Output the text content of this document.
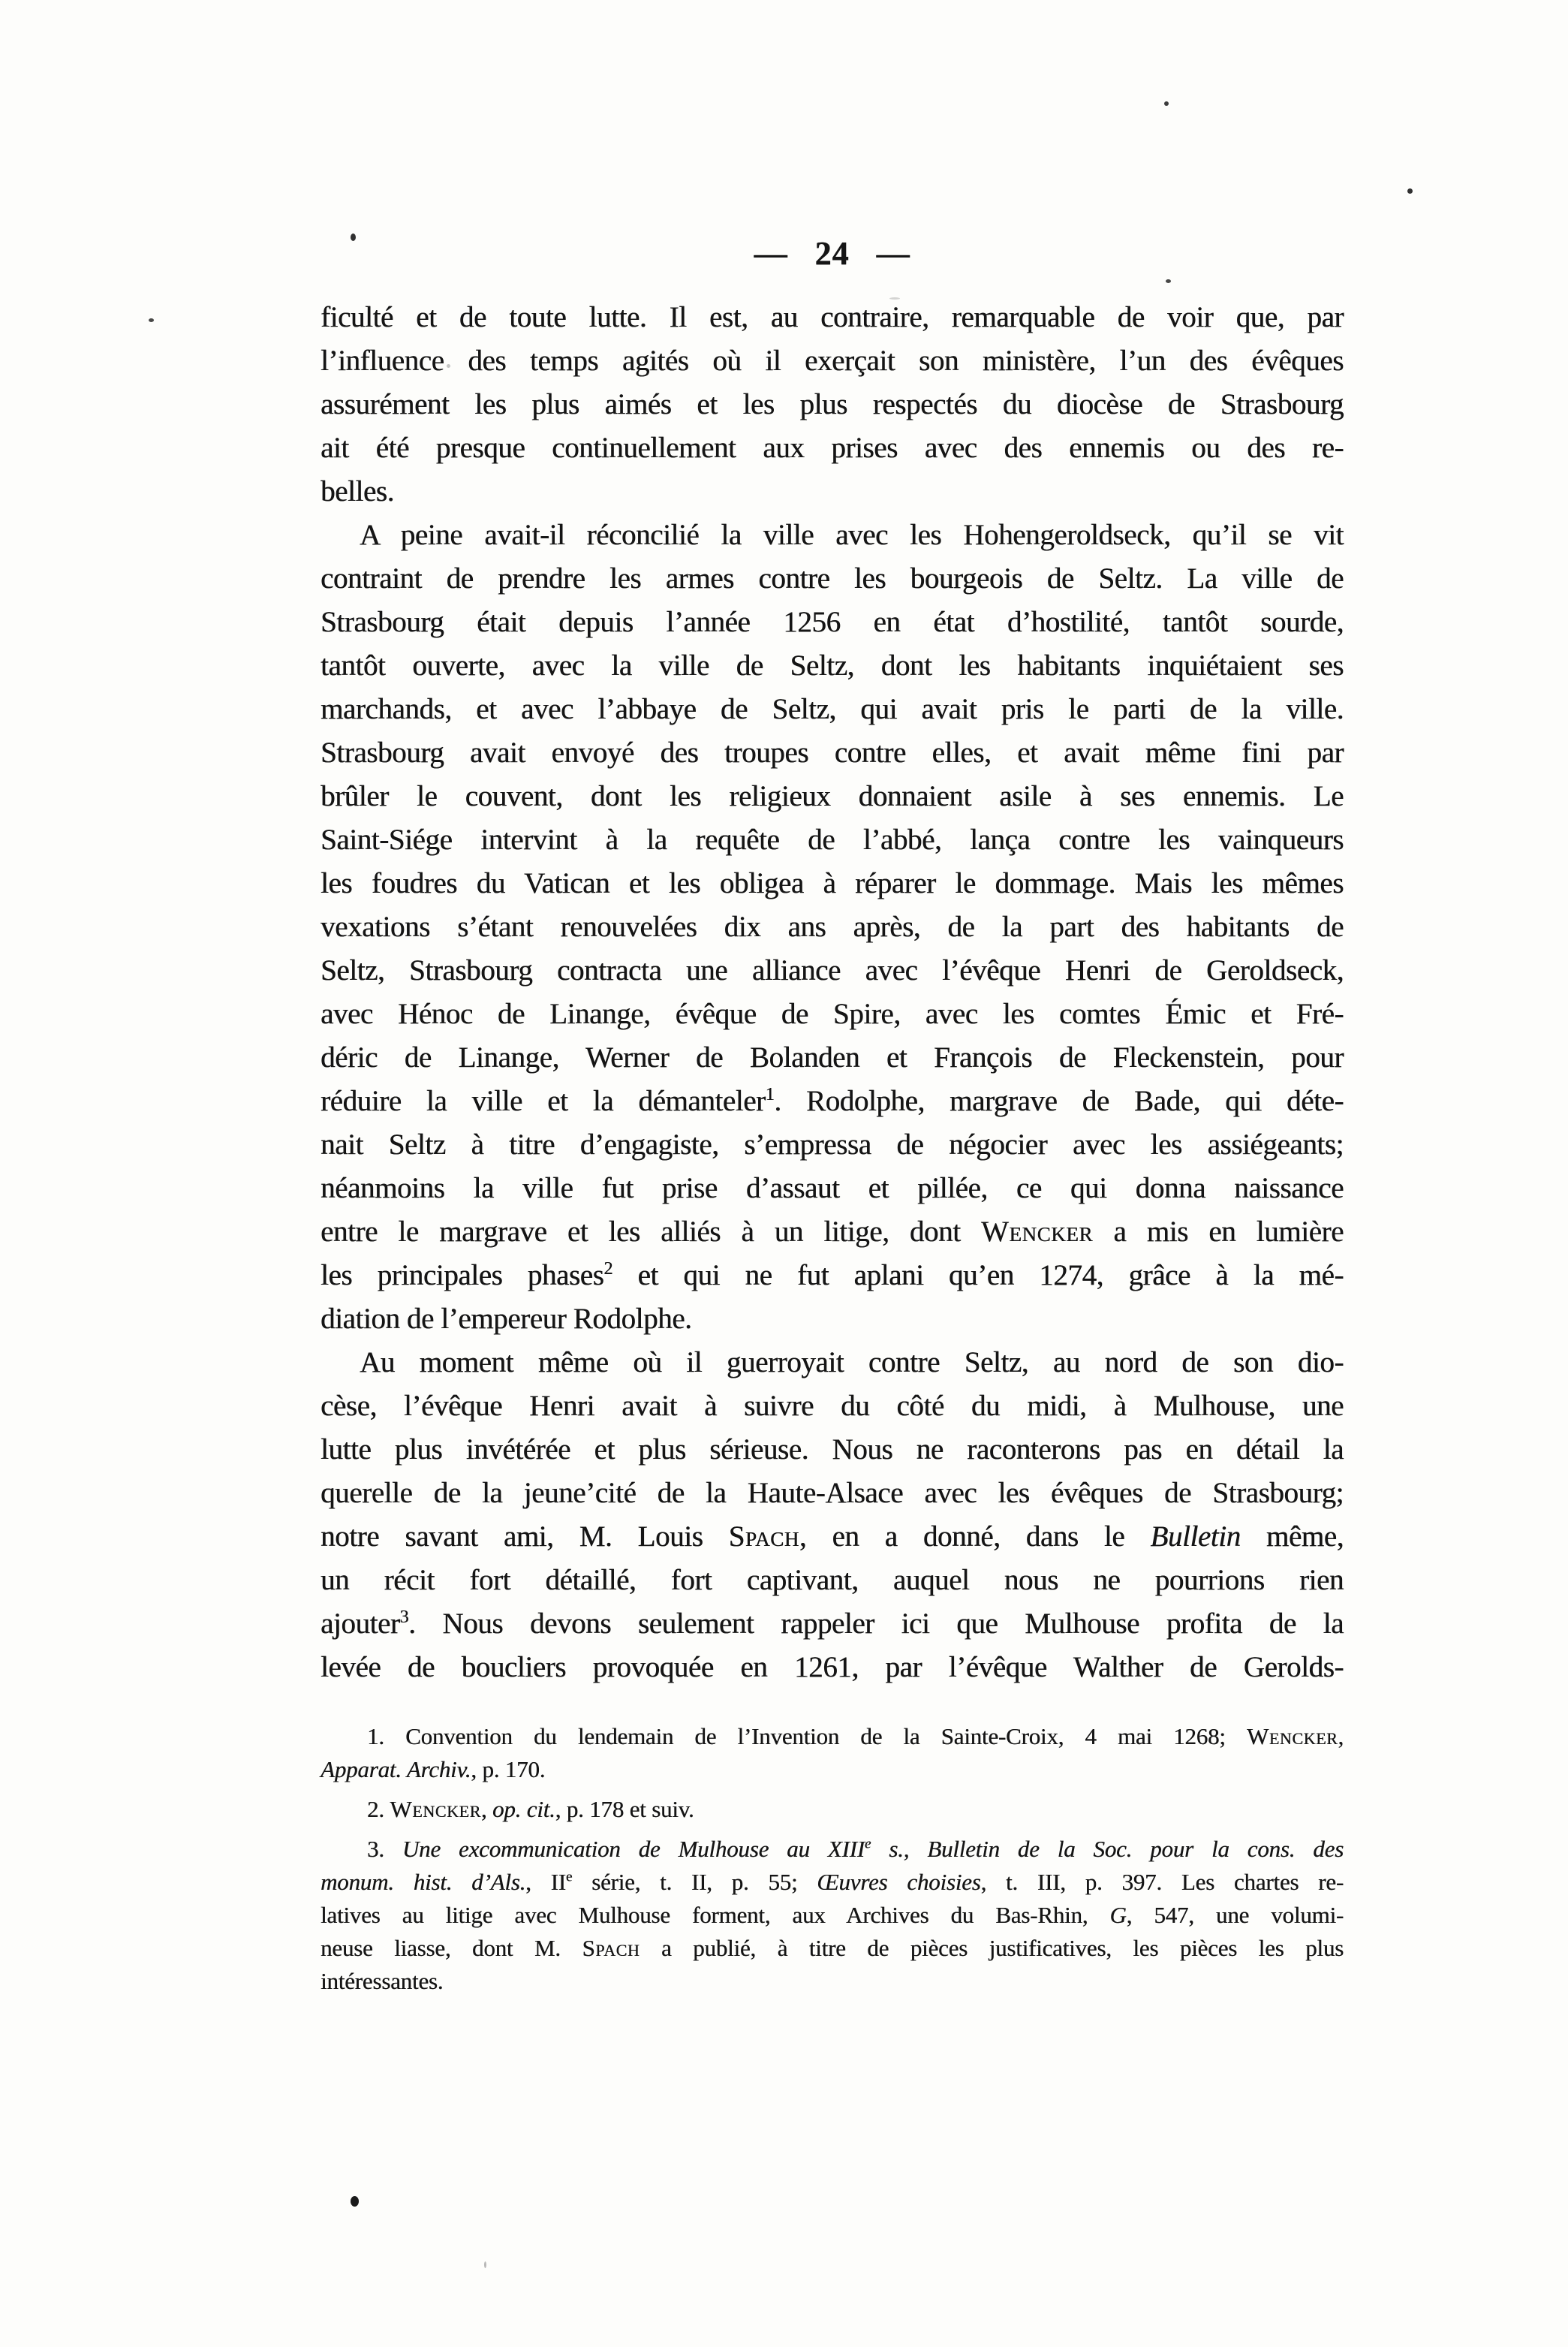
— 24 —
ficulté et de toute lutte. Il est, au contraire, remarquable de voir que, par
l’influence des temps agités où il exerçait son ministère, l’un des évêques
assurément les plus aimés et les plus respectés du diocèse de Strasbourg
ait été presque continuellement aux prises avec des ennemis ou des re-
belles.
A peine avait-il réconcilié la ville avec les Hohengeroldseck, qu’il se vit
contraint de prendre les armes contre les bourgeois de Seltz. La ville de
Strasbourg était depuis l’année 1256 en état d’hostilité, tantôt sourde,
tantôt ouverte, avec la ville de Seltz, dont les habitants inquiétaient ses
marchands, et avec l’abbaye de Seltz, qui avait pris le parti de la ville.
Strasbourg avait envoyé des troupes contre elles, et avait même fini par
brûler le couvent, dont les religieux donnaient asile à ses ennemis. Le
Saint-Siége intervint à la requête de l’abbé, lança contre les vainqueurs
les foudres du Vatican et les obligea à réparer le dommage. Mais les mêmes
vexations s’étant renouvelées dix ans après, de la part des habitants de
Seltz, Strasbourg contracta une alliance avec l’évêque Henri de Geroldseck,
avec Hénoc de Linange, évêque de Spire, avec les comtes Émic et Fré-
déric de Linange, Werner de Bolanden et François de Fleckenstein, pour
réduire la ville et la démanteler$^1$. Rodolphe, margrave de Bade, qui déte-
nait Seltz à titre d’engagiste, s’empressa de négocier avec les assiégeants;
néanmoins la ville fut prise d’assaut et pillée, ce qui donna naissance
entre le margrave et les alliés à un litige, dont Wencker a mis en lumière
les principales phases$^2$ et qui ne fut aplani qu’en 1274, grâce à la mé-
diation de l’empereur Rodolphe.
Au moment même où il guerroyait contre Seltz, au nord de son dio-
cèse, l’évêque Henri avait à suivre du côté du midi, à Mulhouse, une
lutte plus invétérée et plus sérieuse. Nous ne raconterons pas en détail la
querelle de la jeune’cité de la Haute-Alsace avec les évêques de Strasbourg;
notre savant ami, M. Louis Spach, en a donné, dans le Bulletin même,
un récit fort détaillé, fort captivant, auquel nous ne pourrions rien
ajouter$^3$. Nous devons seulement rappeler ici que Mulhouse profita de la
levée de boucliers provoquée en 1261, par l’évêque Walther de Gerolds-
1. Convention du lendemain de l’Invention de la Sainte-Croix, 4 mai 1268; Wencker,
Apparat. Archiv., p. 170.
2. Wencker, op. cit., p. 178 et suiv.
3. Une excommunication de Mulhouse au XIIIe s., Bulletin de la Soc. pour la cons. des
monum. hist. d’Als., IIe série, t. II, p. 55; Œuvres choisies, t. III, p. 397. Les chartes re-
latives au litige avec Mulhouse forment, aux Archives du Bas-Rhin, G, 547, une volumi-
neuse liasse, dont M. Spach a publié, à titre de pièces justificatives, les pièces les plus
intéressantes.
